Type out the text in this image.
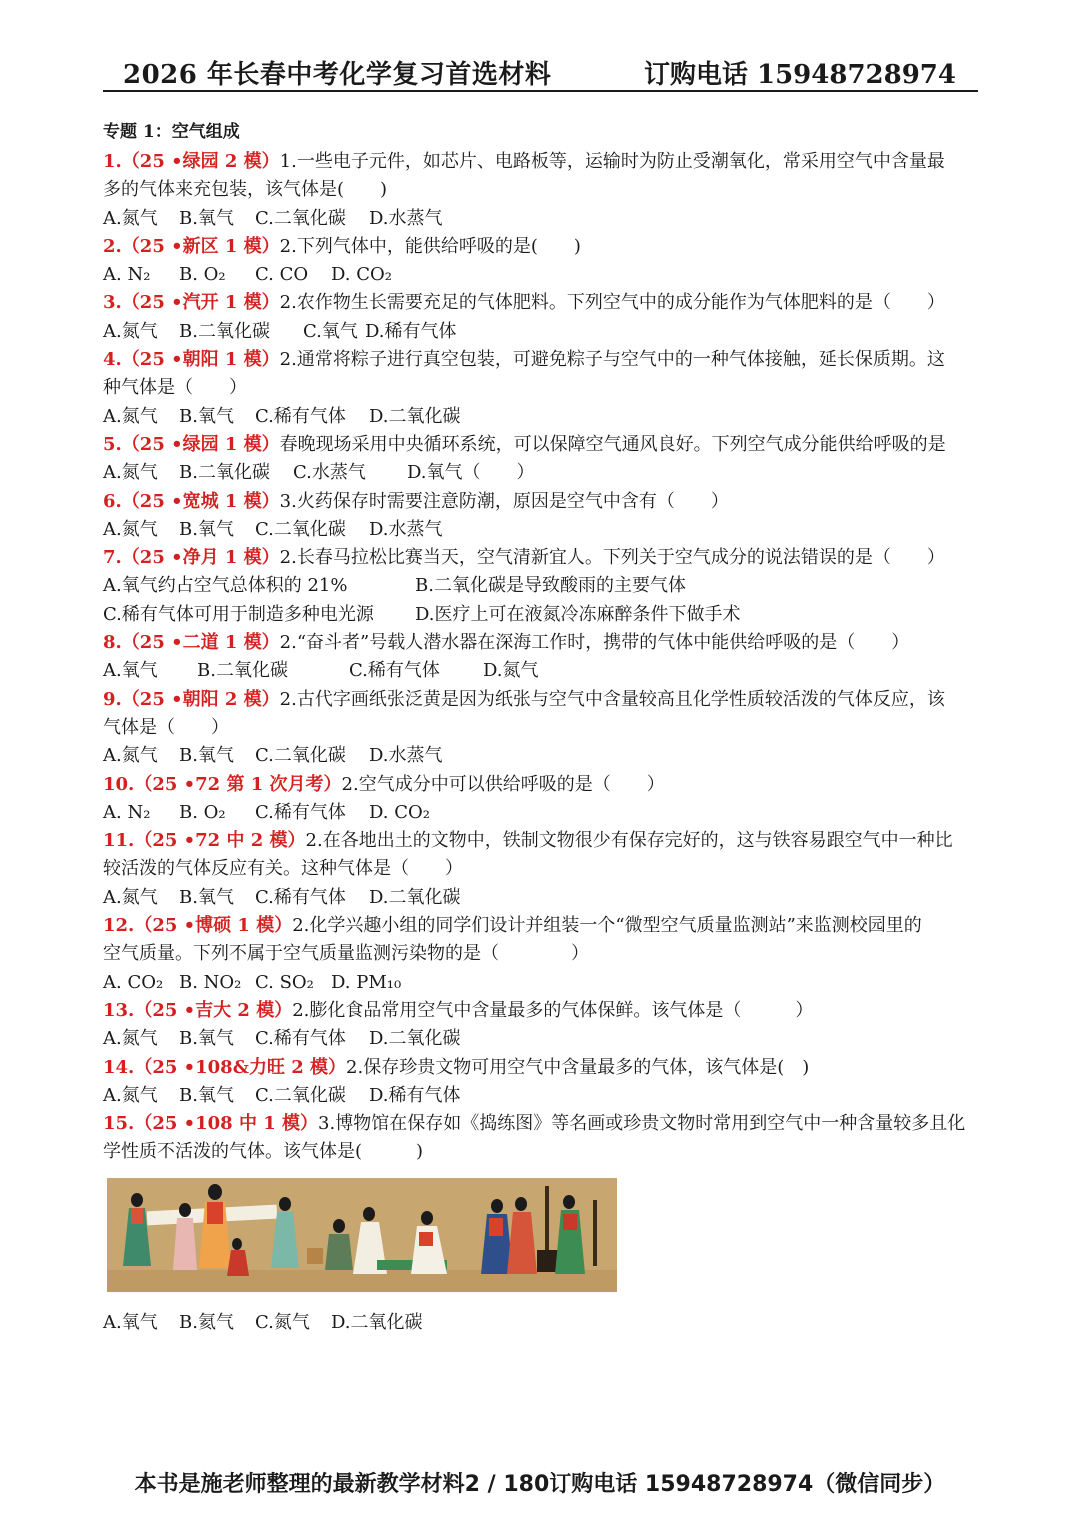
2026 年长春中考化学复习首选材料	订购电话 15948728974
专题 1：空气组成
1.（25 •绿园 2 模）1.一些电子元件，如芯片、电路板等，运输时为防止受潮氧化，常采用空气中含量最
多的气体来充包装，该气体是(　　)
A.氮气 B.氧气 C.二氧化碳 D.水蒸气
2.（25 •新区 1 模）2.下列气体中，能供给呼吸的是(　　)
A. N₂ B. O₂ C. CO D. CO₂
3.（25 •汽开 1 模）2.农作物生长需要充足的气体肥料。下列空气中的成分能作为气体肥料的是（　　）
A.氮气 B.二氧化碳 C.氧气 D.稀有气体
4.（25 •朝阳 1 模）2.通常将粽子进行真空包装，可避免粽子与空气中的一种气体接触，延长保质期。这
种气体是（　　）
A.氮气 B.氧气 C.稀有气体 D.二氧化碳
5.（25 •绿园 1 模）春晚现场采用中央循环系统，可以保障空气通风良好。下列空气成分能供给呼吸的是
A.氮气 B.二氧化碳 C.水蒸气 D.氧气（　　）
6.（25 •宽城 1 模）3.火药保存时需要注意防潮，原因是空气中含有（　　）
A.氮气 B.氧气 C.二氧化碳 D.水蒸气
7.（25 •净月 1 模）2.长春马拉松比赛当天，空气清新宜人。下列关于空气成分的说法错误的是（　　）
A.氧气约占空气总体积的 21%	B.二氧化碳是导致酸雨的主要气体
C.稀有气体可用于制造多种电光源 D.医疗上可在液氮冷冻麻醉条件下做手术
8.（25 •二道 1 模）2.“奋斗者”号载人潜水器在深海工作时，携带的气体中能供给呼吸的是（　　）
A.氧气 B.二氧化碳	C.稀有气体 D.氮气
9.（25 •朝阳 2 模）2.古代字画纸张泛黄是因为纸张与空气中含量较高且化学性质较活泼的气体反应，该
气体是（　　）
A.氮气 B.氧气 C.二氧化碳 D.水蒸气
10.（25 •72 第 1 次月考）2.空气成分中可以供给呼吸的是（　　）
A. N₂ B. O₂ C.稀有气体 D. CO₂
11.（25 •72 中 2 模）2.在各地出土的文物中，铁制文物很少有保存完好的，这与铁容易跟空气中一种比
较活泼的气体反应有关。这种气体是（　　）
A.氮气 B.氧气 C.稀有气体 D.二氧化碳
12.（25 •博硕 1 模）2.化学兴趣小组的同学们设计并组装一个“微型空气质量监测站”来监测校园里的
空气质量。下列不属于空气质量监测污染物的是（　　　　）
A. CO₂ B. NO₂ C. SO₂ D. PM₁₀
13.（25 •吉大 2 模）2.膨化食品常用空气中含量最多的气体保鲜。该气体是（　　　）
A.氮气 B.氧气 C.稀有气体 D.二氧化碳
14.（25 •108&力旺 2 模）2.保存珍贵文物可用空气中含量最多的气体，该气体是(　)
A.氮气 B.氧气 C.二氧化碳 D.稀有气体
15.（25 •108 中 1 模）3.博物馆在保存如《捣练图》等名画或珍贵文物时常用到空气中一种含量较多且化
学性质不活泼的气体。该气体是(　　　)
A.氧气 B.氦气 C.氮气 D.二氧化碳
本书是施老师整理的最新教学材料2 / 180订购电话 15948728974（微信同步）
